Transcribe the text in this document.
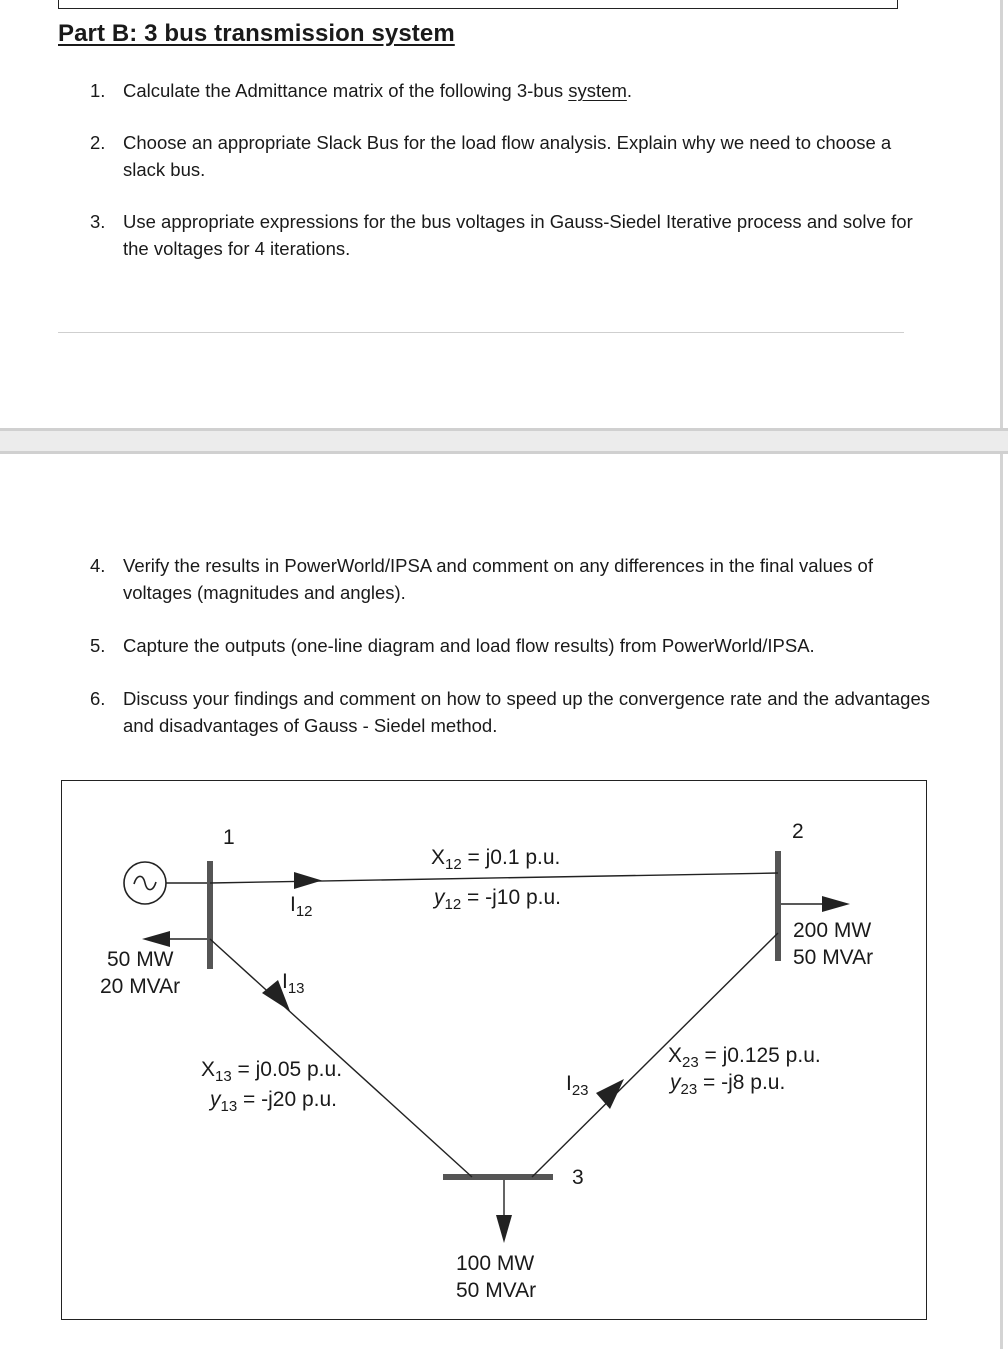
Part B: 3 bus transmission system
1. Calculate the Admittance matrix of the following 3-bus system.
2. Choose an appropriate Slack Bus for the load flow analysis. Explain why we need to choose a slack bus.
3. Use appropriate expressions for the bus voltages in Gauss-Siedel Iterative process and solve for the voltages for 4 iterations.
4. Verify the results in PowerWorld/IPSA and comment on any differences in the final values of voltages (magnitudes and angles).
5. Capture the outputs (one-line diagram and load flow results) from PowerWorld/IPSA.
6. Discuss your findings and comment on how to speed up the convergence rate and the advantages and disadvantages of Gauss - Siedel method.
1	2
3
$X_{12} = j0.1$ p.u.
$y_{12} = -j10$ p.u.
$I_{12}$
$I_{13}$
$X_{13} = j0.05$ p.u.
$y_{13} = -j20$ p.u.
$I_{23}$
$X_{23} = j0.125$ p.u.
$y_{23} = -j8$ p.u.
50 MW
20 MVAr
200 MW
50 MVAr
100 MW
50 MVAr
